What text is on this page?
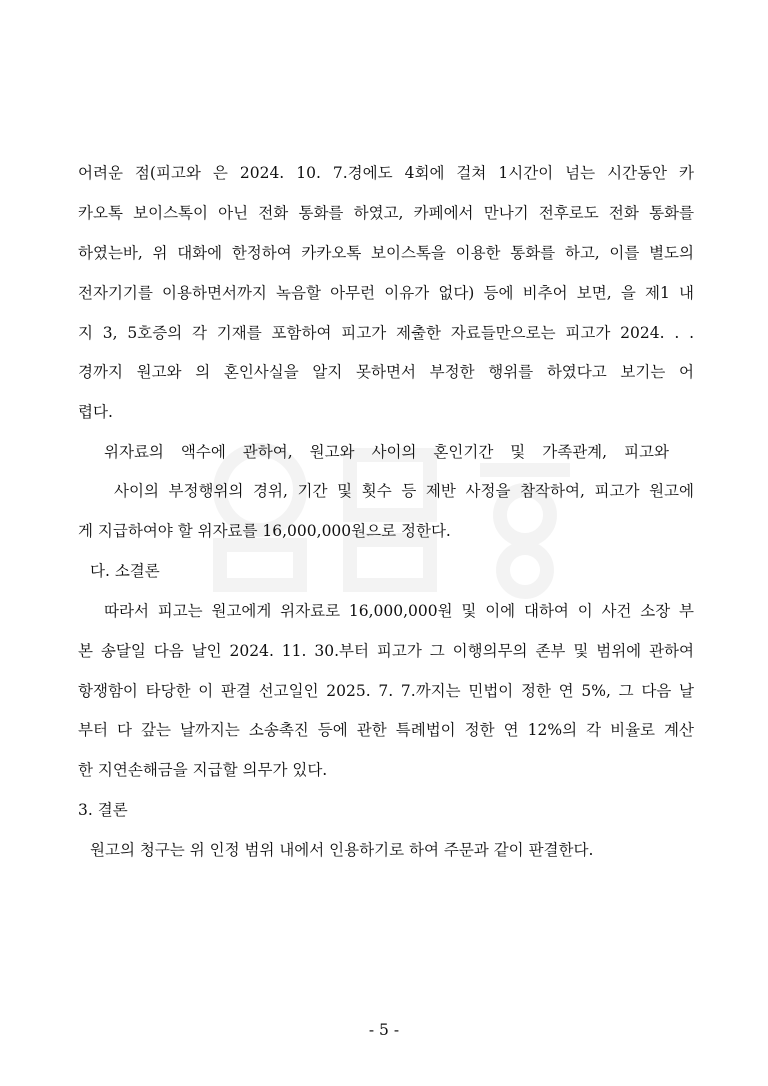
어려운 점(피고와 은 2024. 10. 7.경에도 4회에 걸쳐 1시간이 넘는 시간동안 카
카오톡 보이스톡이 아닌 전화 통화를 하였고, 카페에서 만나기 전후로도 전화 통화를
하였는바, 위 대화에 한정하여 카카오톡 보이스톡을 이용한 통화를 하고, 이를 별도의
전자기기를 이용하면서까지 녹음할 아무런 이유가 없다) 등에 비추어 보면, 을 제1 내
지 3, 5호증의 각 기재를 포함하여 피고가 제출한 자료들만으로는 피고가 2024. . .
경까지 원고와 의 혼인사실을 알지 못하면서 부정한 행위를 하였다고 보기는 어
렵다.
위자료의 액수에 관하여, 원고와 사이의 혼인기간 및 가족관계, 피고와
사이의 부정행위의 경위, 기간 및 횟수 등 제반 사정을 참작하여, 피고가 원고에
게 지급하여야 할 위자료를 16,000,000원으로 정한다.
다. 소결론
따라서 피고는 원고에게 위자료로 16,000,000원 및 이에 대하여 이 사건 소장 부
본 송달일 다음 날인 2024. 11. 30.부터 피고가 그 이행의무의 존부 및 범위에 관하여
항쟁함이 타당한 이 판결 선고일인 2025. 7. 7.까지는 민법이 정한 연 5%, 그 다음 날
부터 다 갚는 날까지는 소송촉진 등에 관한 특례법이 정한 연 12%의 각 비율로 계산
한 지연손해금을 지급할 의무가 있다.
3. 결론
원고의 청구는 위 인정 범위 내에서 인용하기로 하여 주문과 같이 판결한다.
- 5 -
